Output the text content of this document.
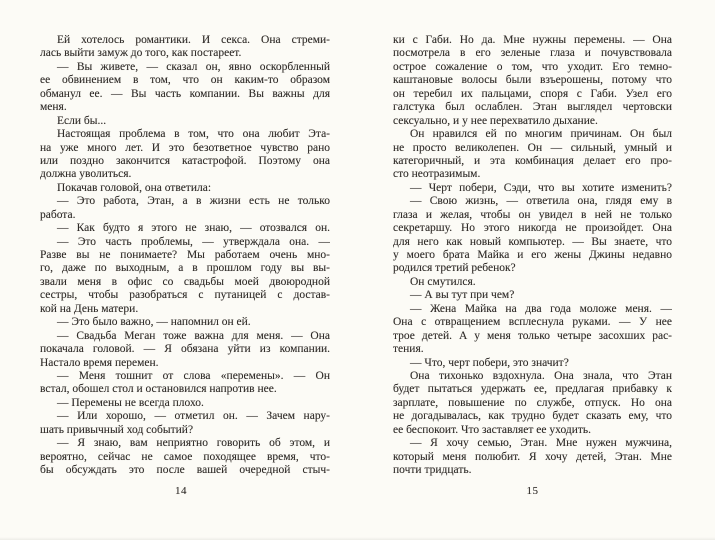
Ей хотелось романтики. И секса. Она стреми-
лась выйти замуж до того, как постареет.
— Вы живете, — сказал он, явно оскорбленный
ее обвинением в том, что он каким-то образом
обманул ее. — Вы часть компании. Вы важны для
меня.
Если бы...
Настоящая проблема в том, что она любит Эта-
на уже много лет. И это безответное чувство рано
или поздно закончится катастрофой. Поэтому она
должна уволиться.
Покачав головой, она ответила:
— Это работа, Этан, а в жизни есть не только
работа.
— Как будто я этого не знаю, — отозвался он.
— Это часть проблемы, — утверждала она. —
Разве вы не понимаете? Мы работаем очень мно-
го, даже по выходным, а в прошлом году вы вы-
звали меня в офис со свадьбы моей двоюродной
сестры, чтобы разобраться с путаницей с достав-
кой на День матери.
— Это было важно, — напомнил он ей.
— Свадьба Меган тоже важна для меня. — Она
покачала головой. — Я обязана уйти из компании.
Настало время перемен.
— Меня тошнит от слова «перемены». — Он
встал, обошел стол и остановился напротив нее.
— Перемены не всегда плохо.
— Или хорошо, — отметил он. — Зачем нару-
шать привычный ход событий?
— Я знаю, вам неприятно говорить об этом, и
вероятно, сейчас не самое походящее время, что-
бы обсуждать это после вашей очередной стыч-
ки с Габи. Но да. Мне нужны перемены. — Она
посмотрела в его зеленые глаза и почувствовала
острое сожаление о том, что уходит. Его темно-
каштановые волосы были взъерошены, потому что
он теребил их пальцами, споря с Габи. Узел его
галстука был ослаблен. Этан выглядел чертовски
сексуально, и у нее перехватило дыхание.
Он нравился ей по многим причинам. Он был
не просто великолепен. Он — сильный, умный и
категоричный, и эта комбинация делает его про-
сто неотразимым.
— Черт побери, Сэди, что вы хотите изменить?
— Свою жизнь, — ответила она, глядя ему в
глаза и желая, чтобы он увидел в ней не только
секретаршу. Но этого никогда не произойдет. Она
для него как новый компьютер. — Вы знаете, что
у моего брата Майка и его жены Джины недавно
родился третий ребенок?
Он смутился.
— А вы тут при чем?
— Жена Майка на два года моложе меня. —
Она с отвращением всплеснула руками. — У нее
трое детей. А у меня только четыре засохших рас-
тения.
— Что, черт побери, это значит?
Она тихонько вздохнула. Она знала, что Этан
будет пытаться удержать ее, предлагая прибавку к
зарплате, повышение по службе, отпуск. Но она
не догадывалась, как трудно будет сказать ему, что
ее беспокоит. Что заставляет ее уходить.
— Я хочу семью, Этан. Мне нужен мужчина,
который меня полюбит. Я хочу детей, Этан. Мне
почти тридцать.
14	15
